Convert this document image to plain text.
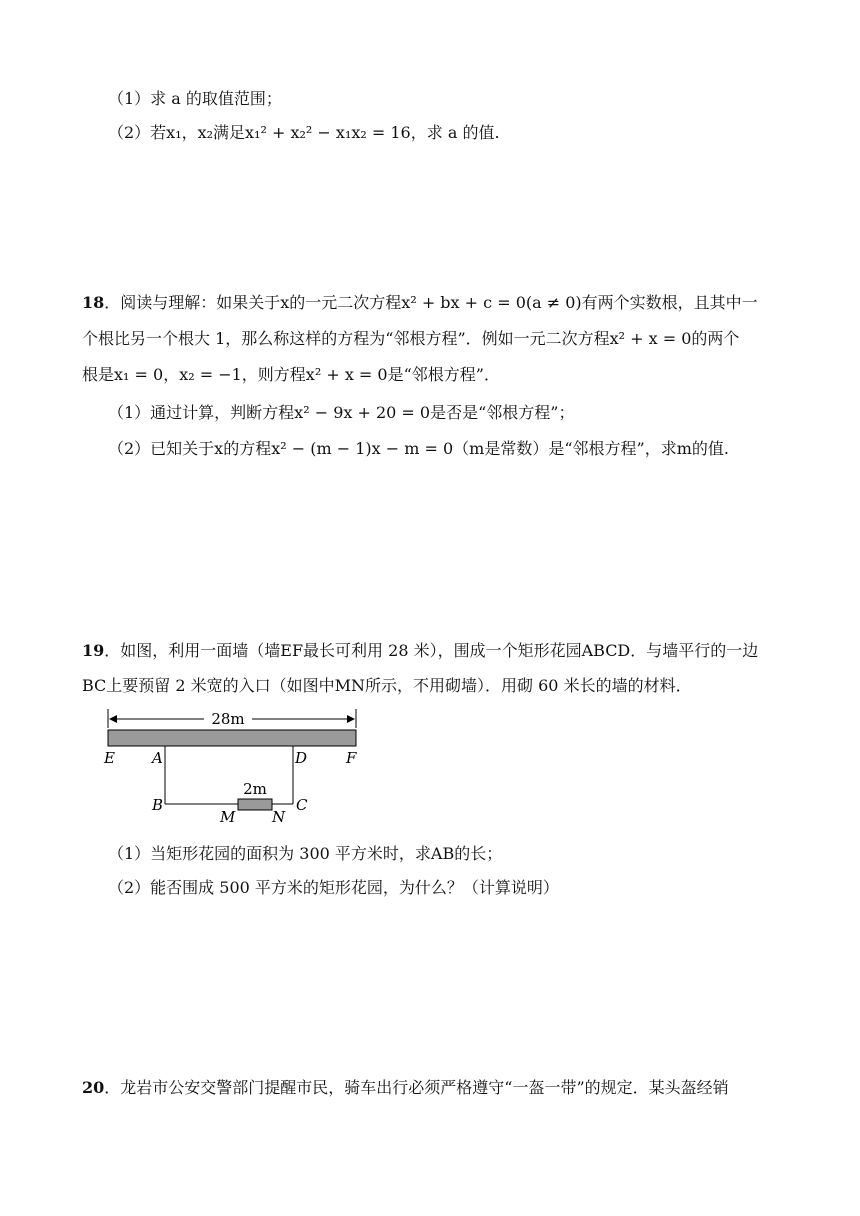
（1）求 a 的取值范围；
（2）若x₁，x₂满足x₁² + x₂² − x₁x₂ = 16，求 a 的值.
18．阅读与理解：如果关于x的一元二次方程x² + bx + c = 0(a ≠ 0)有两个实数根，且其中一
个根比另一个根大 1，那么称这样的方程为“邻根方程”．例如一元二次方程x² + x = 0的两个
根是x₁ = 0，x₂ = −1，则方程x² + x = 0是“邻根方程”．
（1）通过计算，判断方程x² − 9x + 20 = 0是否是“邻根方程”；
（2）已知关于x的方程x² − (m − 1)x − m = 0（m是常数）是“邻根方程”，求m的值.
19．如图，利用一面墙（墙EF最长可利用 28 米），围成一个矩形花园ABCD．与墙平行的一边
BC上要预留 2 米宽的入口（如图中MN所示，不用砌墙）．用砌 60 米长的墙的材料．
28m
2m
E A	D	F
B	C
M N
（1）当矩形花园的面积为 300 平方米时，求AB的长；
（2）能否围成 500 平方米的矩形花园，为什么？（计算说明）
20．龙岩市公安交警部门提醒市民，骑车出行必须严格遵守“一盔一带”的规定．某头盔经销
